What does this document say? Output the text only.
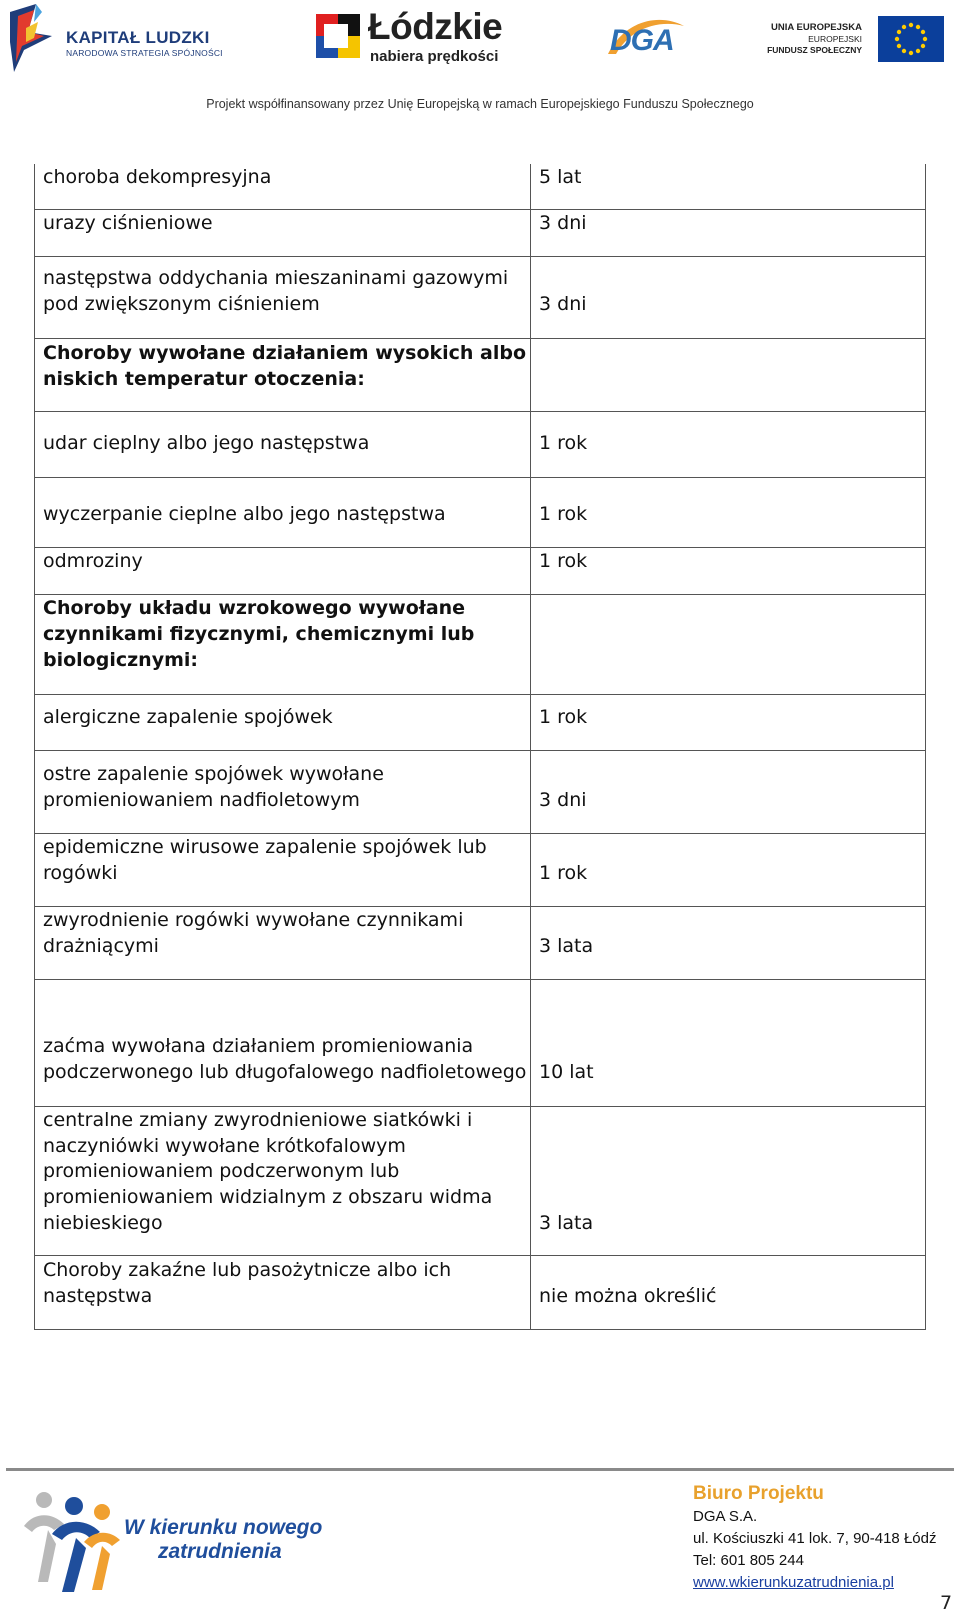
KAPITAŁ LUDZKI
NARODOWA STRATEGIA SPÓJNOŚCI
Łódzkie
nabiera prędkości	DGA	UNIA EUROPEJSKA
EUROPEJSKI
FUNDUSZ SPOŁECZNY
Projekt współfinansowany przez Unię Europejską w ramach Europejskiego Funduszu Społecznego
choroba dekompresyjna	5 lat
urazy ciśnieniowe	3 dni
następstwa oddychania mieszaninami gazowymi
pod zwiększonym ciśnieniem	3 dni
Choroby wywołane działaniem wysokich albo
niskich temperatur otoczenia:
udar cieplny albo jego następstwa	1 rok
wyczerpanie cieplne albo jego następstwa	1 rok
odmroziny	1 rok
Choroby układu wzrokowego wywołane
czynnikami fizycznymi, chemicznymi lub
biologicznymi:
alergiczne zapalenie spojówek	1 rok
ostre zapalenie spojówek wywołane
promieniowaniem nadfioletowym	3 dni
epidemiczne wirusowe zapalenie spojówek lub
rogówki	1 rok
zwyrodnienie rogówki wywołane czynnikami
drażniącymi	3 lata
zaćma wywołana działaniem promieniowania
podczerwonego lub długofalowego nadfioletowego 10 lat
centralne zmiany zwyrodnieniowe siatkówki i
naczyniówki wywołane krótkofalowym
promieniowaniem podczerwonym lub
promieniowaniem widzialnym z obszaru widma
niebieskiego	3 lata
Choroby zakaźne lub pasożytnicze albo ich
następstwa	nie można określić
W kierunku nowego
zatrudnienia
Biuro Projektu
DGA S.A.
ul. Kościuszki 41 lok. 7, 90-418 Łódź
Tel: 601 805 244
www.wkierunkuzatrudnienia.pl
7
